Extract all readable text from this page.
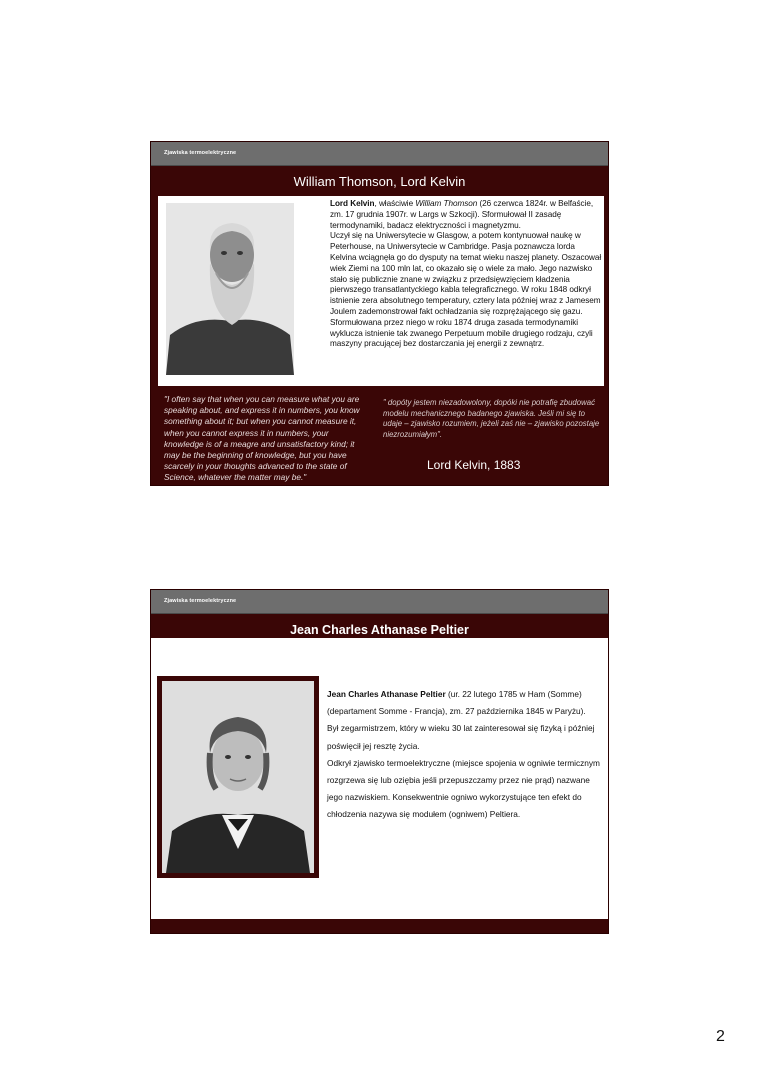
Zjawiska termoelektryczne
William Thomson, Lord Kelvin

Lord Kelvin, właściwie William Thomson (26 czerwca 1824r. w Belfaście, zm. 17 grudnia 1907r. w Largs w Szkocji). Sformułował II zasadę termodynamiki, badacz elektryczności i magnetyzmu.

Uczył się na Uniwersytecie w Glasgow, a potem kontynuował naukę w Peterhouse, na Uniwersytecie w Cambridge. Pasja poznawcza lorda Kelvina wciągnęła go do dysputy na temat wieku naszej planety. Oszacował wiek Ziemi na 100 mln lat, co okazało się o wiele za mało. Jego nazwisko stało się publicznie znane w związku z przedsięwzięciem kładzenia pierwszego transatlantyckiego kabla telegraficznego. W roku 1848 odkrył istnienie zera absolutnego temperatury, cztery lata później wraz z Jamesem Joulem zademonstrował fakt ochładzania się rozprężającego się gazu. Sformułowana przez niego w roku 1874 druga zasada termodynamiki wyklucza istnienie tak zwanego Perpetuum mobile drugiego rodzaju, czyli maszyny pracującej bez dostarczania jej energii z zewnątrz.

"I often say that when you can measure what you are speaking about, and express it in numbers, you know something about it; but when you cannot measure it, when you cannot express it in numbers, your knowledge is of a meagre and unsatisfactory kind; it may be the beginning of knowledge, but you have scarcely in your thoughts advanced to the state of Science, whatever the matter may be."
" dopóty jestem niezadowolony, dopóki nie potrafię zbudować modelu mechanicznego badanego zjawiska. Jeśli mi się to udaje – zjawisko rozumiem, jeżeli zaś nie – zjawisko pozostaje niezrozumiałym".
Lord Kelvin, 1883
Zjawiska termoelektryczne
Jean Charles Athanase Peltier

Jean Charles Athanase Peltier (ur. 22 lutego 1785 w Ham (Somme) (departament Somme - Francja), zm. 27 października 1845 w Paryżu).

Był zegarmistrzem, który w wieku 30 lat zainteresował się fizyką i później poświęcił jej resztę życia.

Odkrył zjawisko termoelektryczne (miejsce spojenia w ogniwie termicznym rozgrzewa się lub oziębia jeśli przepuszczamy przez nie prąd) nazwane jego nazwiskiem. Konsekwentnie ogniwo wykorzystujące ten efekt do chłodzenia nazywa się modułem (ogniwem) Peltiera.

2
